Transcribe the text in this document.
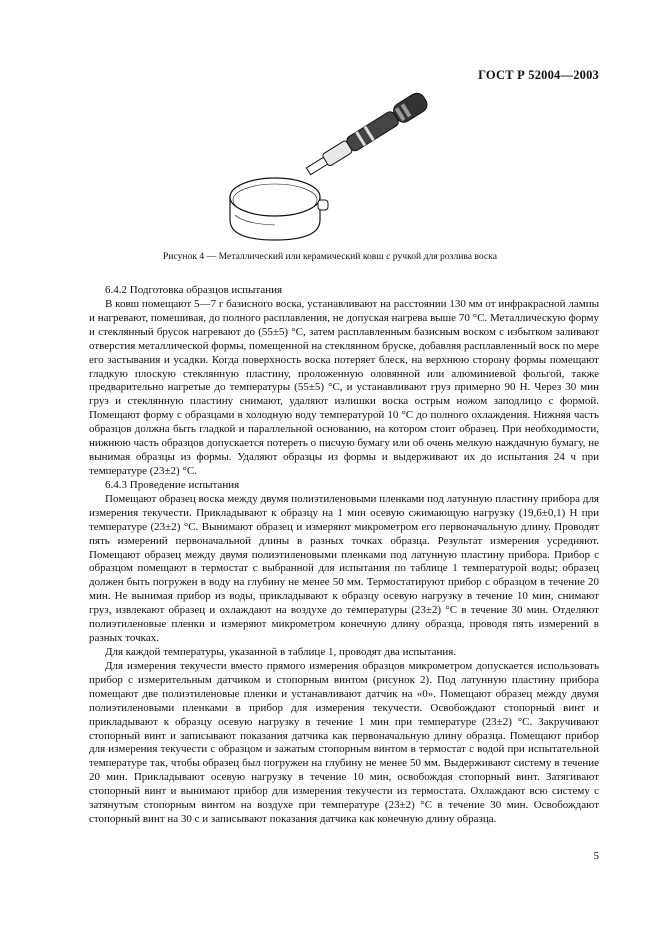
ГОСТ Р 52004—2003
Рисунок 4 — Металлический или керамический ковш с ручкой для розлива воска

6.4.2 Подготовка образцов испытания

В ковш помещают 5—7 г базисного воска, устанавливают на расстоянии 130 мм от инфракрасной лампы и нагревают, помешивая, до полного расплавления, не допуская нагрева выше 70 °С. Металлическую форму и стеклянный брусок нагревают до (55±5) °С, затем расплавленным базисным воском с избытком заливают отверстия металлической формы, помещенной на стеклянном бруске, добавляя расплавленный воск по мере его застывания и усадки. Когда поверхность воска потеряет блеск, на верхнюю сторону формы помещают гладкую плоскую стеклянную пластину, проложенную оловянной или алюминиевой фольгой, также предварительно нагретые до температуры (55±5) °С, и устанавливают груз примерно 90 Н. Через 30 мин груз и стеклянную пластину снимают, удаляют излишки воска острым ножом заподлицо с формой. Помещают форму с образцами в холодную воду температурой 10 °С до полного охлаждения. Нижняя часть образцов должна быть гладкой и параллельной основанию, на котором стоит образец. При необходимости, нижнюю часть образцов допускается потереть о писчую бумагу или об очень мелкую наждачную бумагу, не вынимая образцы из формы. Удаляют образцы из формы и выдерживают их до испытания 24 ч при температуре (23±2) °С.

6.4.3 Проведение испытания

Помещают образец воска между двумя полиэтиленовыми пленками под латунную пластину прибора для измерения текучести. Прикладывают к образцу на 1 мин осевую сжимающую нагрузку (19,6±0,1) Н при температуре (23±2) °С. Вынимают образец и измеряют микрометром его первоначальную длину. Проводят пять измерений первоначальной длины в разных точках образца. Результат измерения усредняют. Помещают образец между двумя полиэтиленовыми пленками под латунную пластину прибора. Прибор с образцом помещают в термостат с выбранной для испытания по таблице 1 температурой воды; образец должен быть погружен в воду на глубину не менее 50 мм. Термостатируют прибор с образцом в течение 20 мин. Не вынимая прибор из воды, прикладывают к образцу осевую нагрузку в течение 10 мин, снимают груз, извлекают образец и охлаждают на воздухе до температуры (23±2) °С в течение 30 мин. Отделяют полиэтиленовые пленки и измеряют микрометром конечную длину образца, проводя пять измерений в разных точках.

Для каждой температуры, указанной в таблице 1, проводят два испытания.

Для измерения текучести вместо прямого измерения образцов микрометром допускается использовать прибор с измерительным датчиком и стопорным винтом (рисунок 2). Под латунную пластину прибора помещают две полиэтиленовые пленки и устанавливают датчик на «0». Помещают образец между двумя полиэтиленовыми пленками в прибор для измерения текучести. Освобождают стопорный винт и прикладывают к образцу осевую нагрузку в течение 1 мин при температуре (23±2) °С. Закручивают стопорный винт и записывают показания датчика как первоначальную длину образца. Помещают прибор для измерения текучести с образцом и зажатым стопорным винтом в термостат с водой при испытательной температуре так, чтобы образец был погружен на глубину не менее 50 мм. Выдерживают систему в течение 20 мин. Прикладывают осевую нагрузку в течение 10 мин, освобождая стопорный винт. Затягивают стопорный винт и вынимают прибор для измерения текучести из термостата. Охлаждают всю систему с затянутым стопорным винтом на воздухе при температуре (23±2) °С в течение 30 мин. Освобождают стопорный винт на 30 с и записывают показания датчика как конечную длину образца.

5
